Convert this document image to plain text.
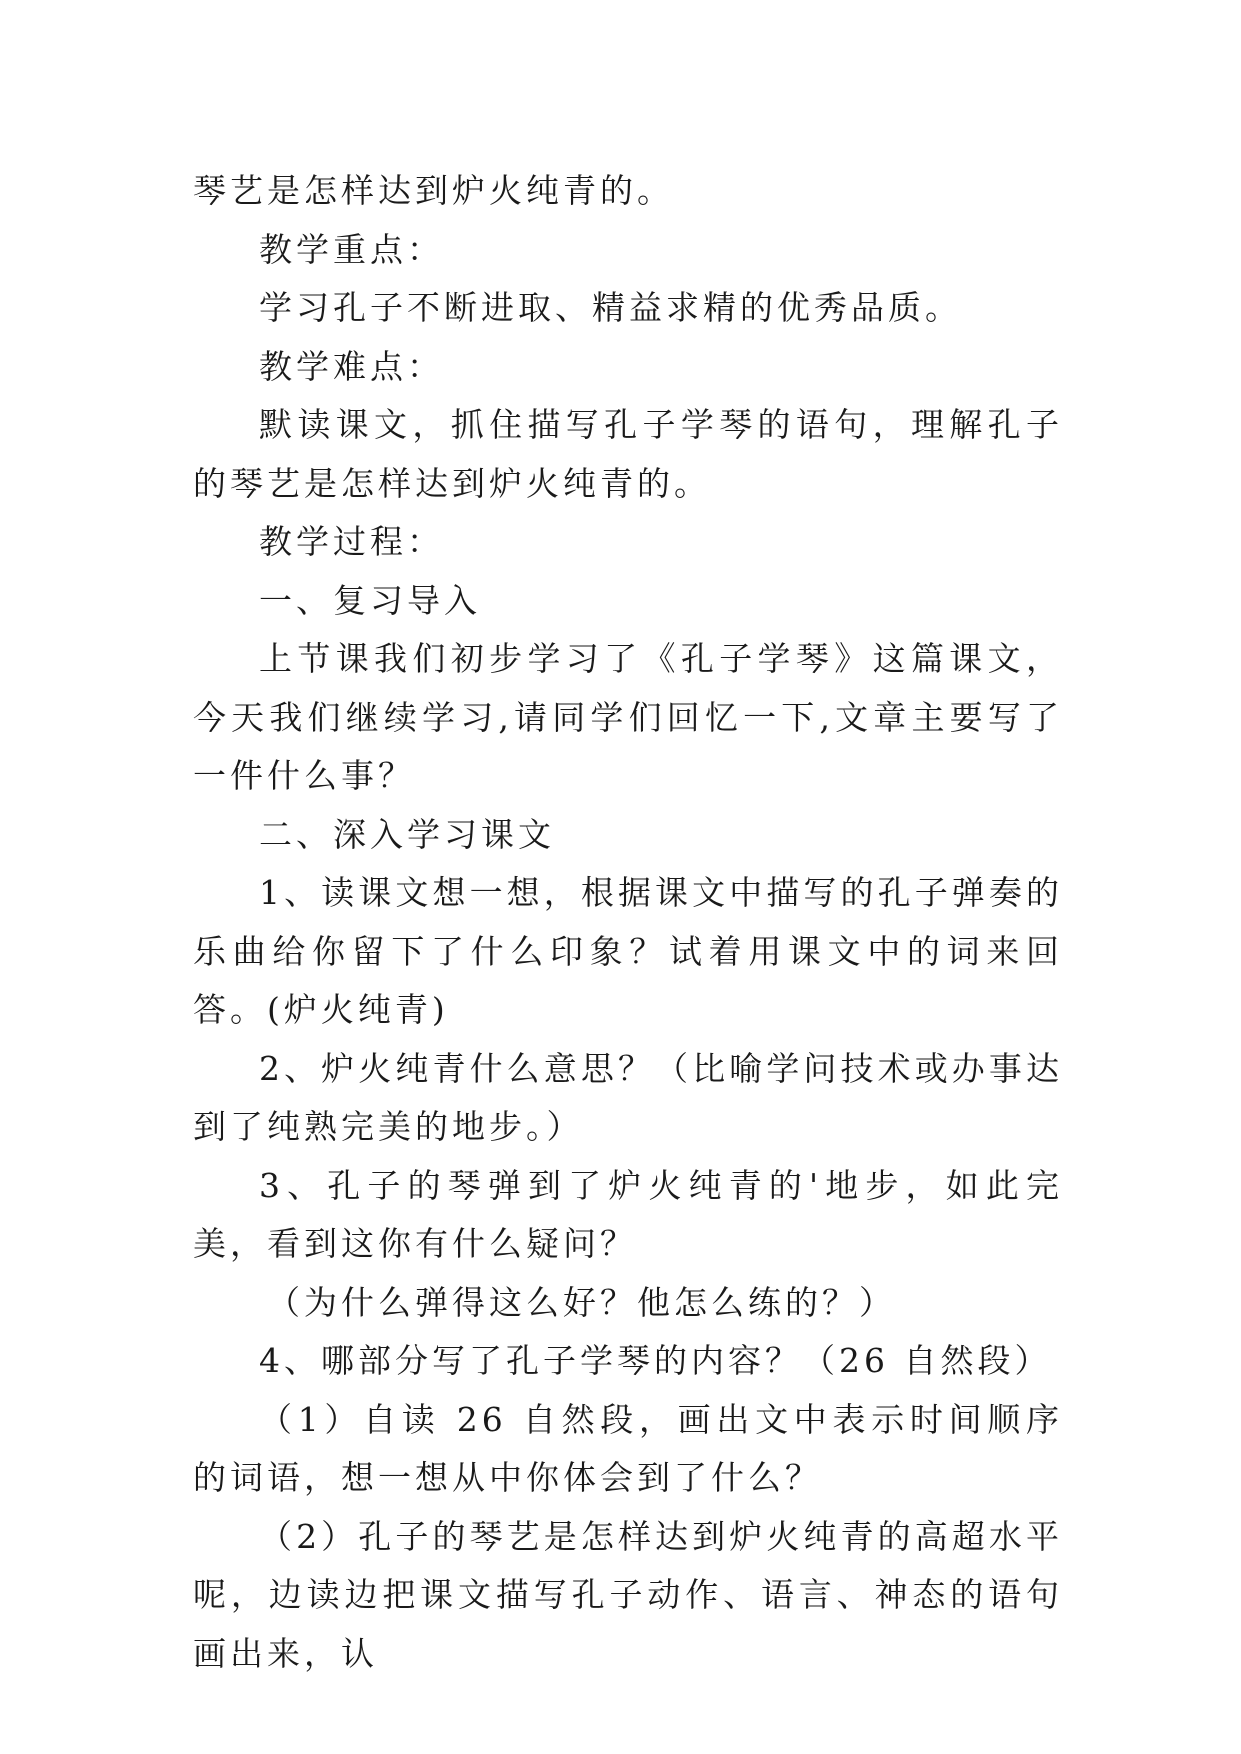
琴艺是怎样达到炉火纯青的。

教学重点：

学习孔子不断进取、精益求精的优秀品质。

教学难点：

默读课文，抓住描写孔子学琴的语句，理解孔子的琴艺是怎样达到炉火纯青的。

教学过程：

一、复习导入

上节课我们初步学习了《孔子学琴》这篇课文，今天我们继续学习,请同学们回忆一下,文章主要写了一件什么事？

二、深入学习课文

1、读课文想一想，根据课文中描写的孔子弹奏的乐曲给你留下了什么印象？试着用课文中的词来回答。(炉火纯青)

2、炉火纯青什么意思？（比喻学问技术或办事达到了纯熟完美的地步。）

3、孔子的琴弹到了炉火纯青的'地步，如此完美，看到这你有什么疑问？

（为什么弹得这么好？他怎么练的？）

4、哪部分写了孔子学琴的内容？（26 自然段）

（1）自读 26 自然段，画出文中表示时间顺序的词语，想一想从中你体会到了什么？

（2）孔子的琴艺是怎样达到炉火纯青的高超水平呢，边读边把课文描写孔子动作、语言、神态的语句画出来，认
